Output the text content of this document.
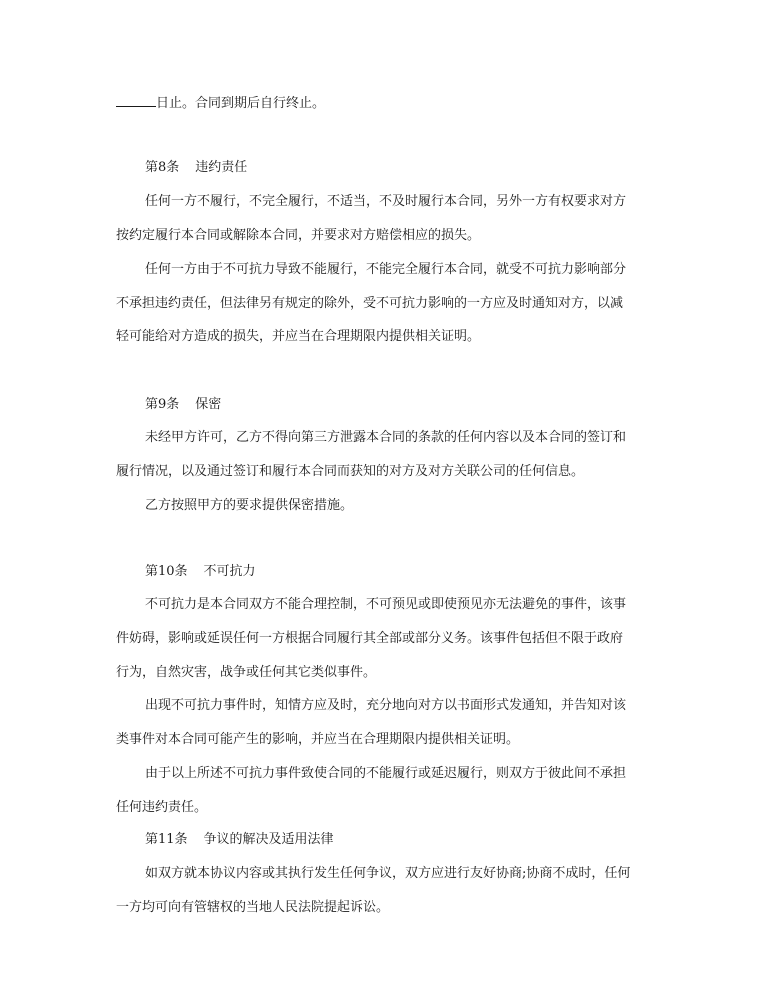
日止。合同到期后自行终止。
第8条 违约责任
任何一方不履行，不完全履行，不适当，不及时履行本合同，另外一方有权要求对方
按约定履行本合同或解除本合同，并要求对方赔偿相应的损失。
任何一方由于不可抗力导致不能履行，不能完全履行本合同，就受不可抗力影响部分
不承担违约责任，但法律另有规定的除外，受不可抗力影响的一方应及时通知对方，以减
轻可能给对方造成的损失，并应当在合理期限内提供相关证明。
第9条 保密
未经甲方许可，乙方不得向第三方泄露本合同的条款的任何内容以及本合同的签订和
履行情况，以及通过签订和履行本合同而获知的对方及对方关联公司的任何信息。
乙方按照甲方的要求提供保密措施。
第10条 不可抗力
不可抗力是本合同双方不能合理控制，不可预见或即使预见亦无法避免的事件，该事
件妨碍，影响或延误任何一方根据合同履行其全部或部分义务。该事件包括但不限于政府
行为，自然灾害，战争或任何其它类似事件。
出现不可抗力事件时，知情方应及时，充分地向对方以书面形式发通知，并告知对该
类事件对本合同可能产生的影响，并应当在合理期限内提供相关证明。
由于以上所述不可抗力事件致使合同的不能履行或延迟履行，则双方于彼此间不承担
任何违约责任。
第11条 争议的解决及适用法律
如双方就本协议内容或其执行发生任何争议，双方应进行友好协商;协商不成时，任何
一方均可向有管辖权的当地人民法院提起诉讼。
